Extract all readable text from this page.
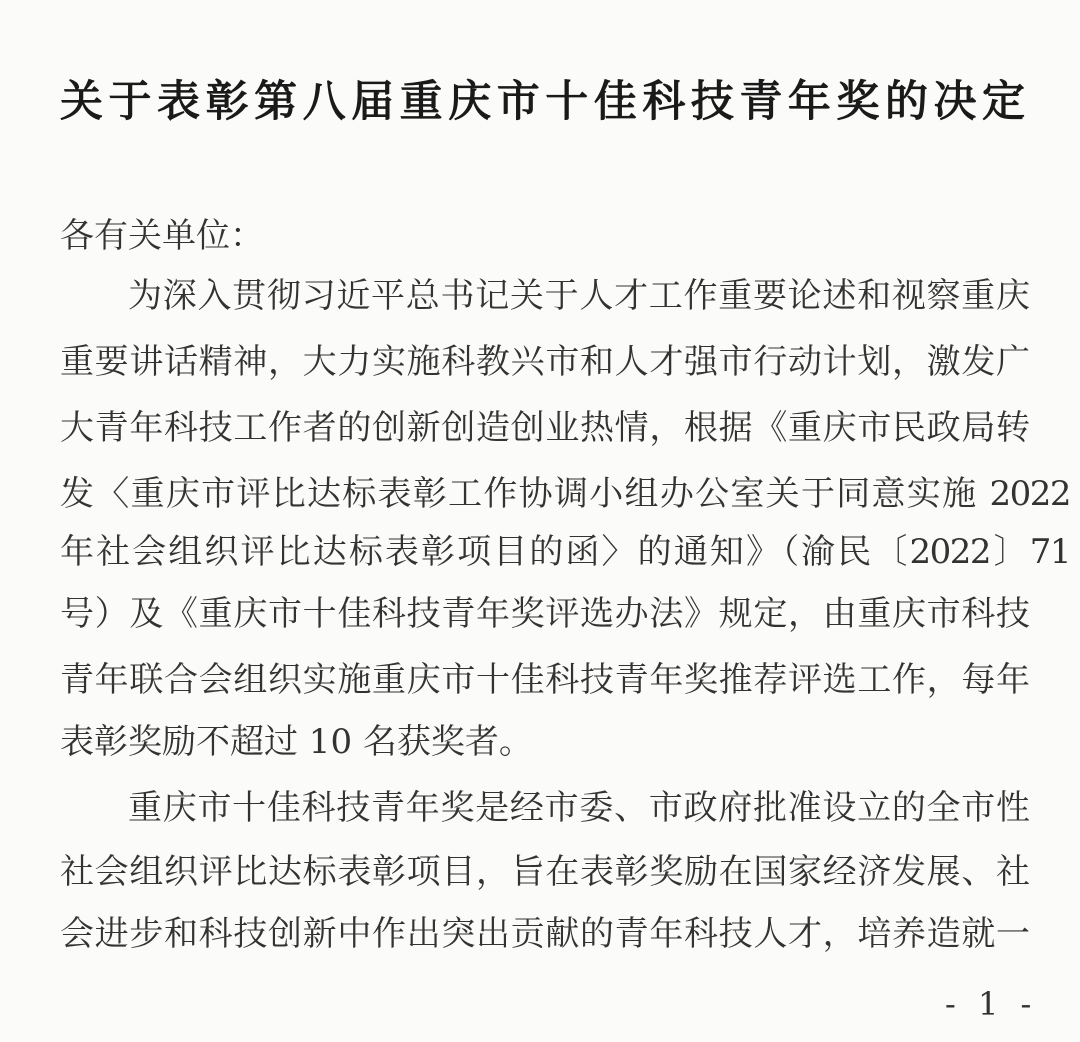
关于表彰第八届重庆市十佳科技青年奖的决定
各有关单位：
为深入贯彻习近平总书记关于人才工作重要论述和视察重庆
重要讲话精神，大力实施科教兴市和人才强市行动计划，激发广
大青年科技工作者的创新创造创业热情，根据《重庆市民政局转
发〈重庆市评比达标表彰工作协调小组办公室关于同意实施 2022
年社会组织评比达标表彰项目的函〉的通知》（渝民〔2022〕71
号）及《重庆市十佳科技青年奖评选办法》规定，由重庆市科技
青年联合会组织实施重庆市十佳科技青年奖推荐评选工作，每年
表彰奖励不超过 10 名获奖者。
重庆市十佳科技青年奖是经市委、市政府批准设立的全市性
社会组织评比达标表彰项目，旨在表彰奖励在国家经济发展、社
会进步和科技创新中作出突出贡献的青年科技人才，培养造就一
- 1 -
